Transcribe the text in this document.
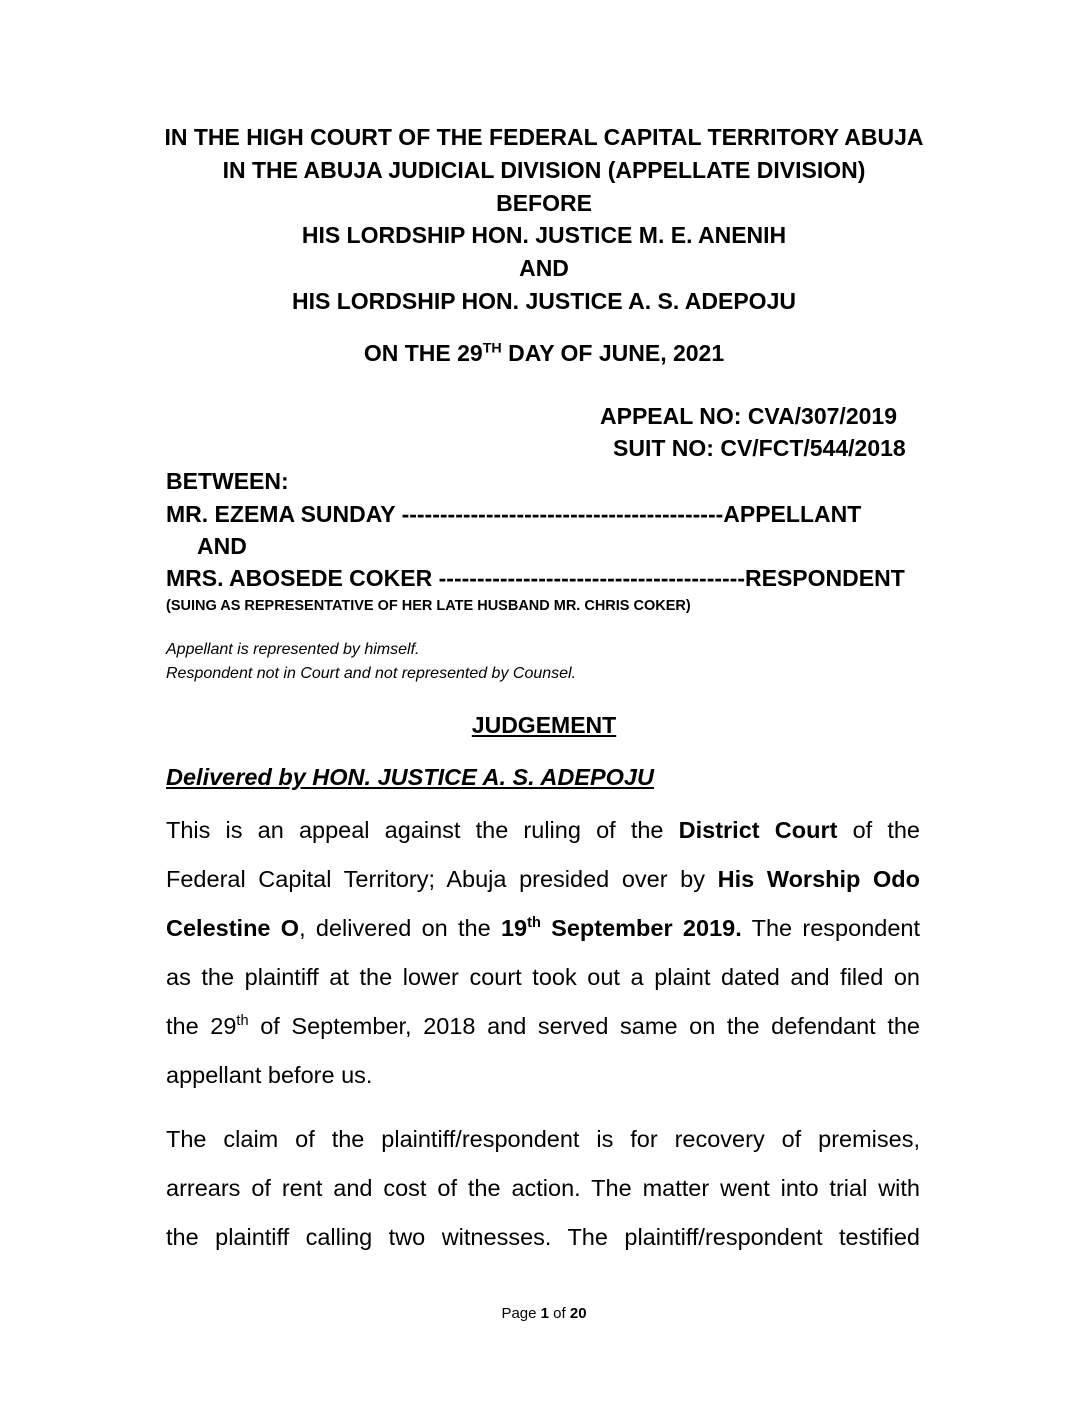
IN THE HIGH COURT OF THE FEDERAL CAPITAL TERRITORY ABUJA
IN THE ABUJA JUDICIAL DIVISION (APPELLATE DIVISION)
BEFORE
HIS LORDSHIP HON. JUSTICE M. E. ANENIH
AND
HIS LORDSHIP HON. JUSTICE A. S. ADEPOJU
ON THE 29TH DAY OF JUNE, 2021
APPEAL NO: CVA/307/2019
SUIT NO: CV/FCT/544/2018
BETWEEN:
MR. EZEMA SUNDAY ------------------------------------------APPELLANT
AND
MRS. ABOSEDE COKER ----------------------------------------RESPONDENT
(SUING AS REPRESENTATIVE OF HER LATE HUSBAND MR. CHRIS COKER)
Appellant is represented by himself.
Respondent not in Court and not represented by Counsel.
JUDGEMENT
Delivered by HON. JUSTICE A. S. ADEPOJU
This is an appeal against the ruling of the District Court of the
Federal Capital Territory; Abuja presided over by His Worship Odo
Celestine O, delivered on the 19th September 2019. The respondent
as the plaintiff at the lower court took out a plaint dated and filed on
the 29th of September, 2018 and served same on the defendant the
appellant before us.
The claim of the plaintiff/respondent is for recovery of premises,
arrears of rent and cost of the action. The matter went into trial with
the plaintiff calling two witnesses. The plaintiff/respondent testified
Page 1 of 20
